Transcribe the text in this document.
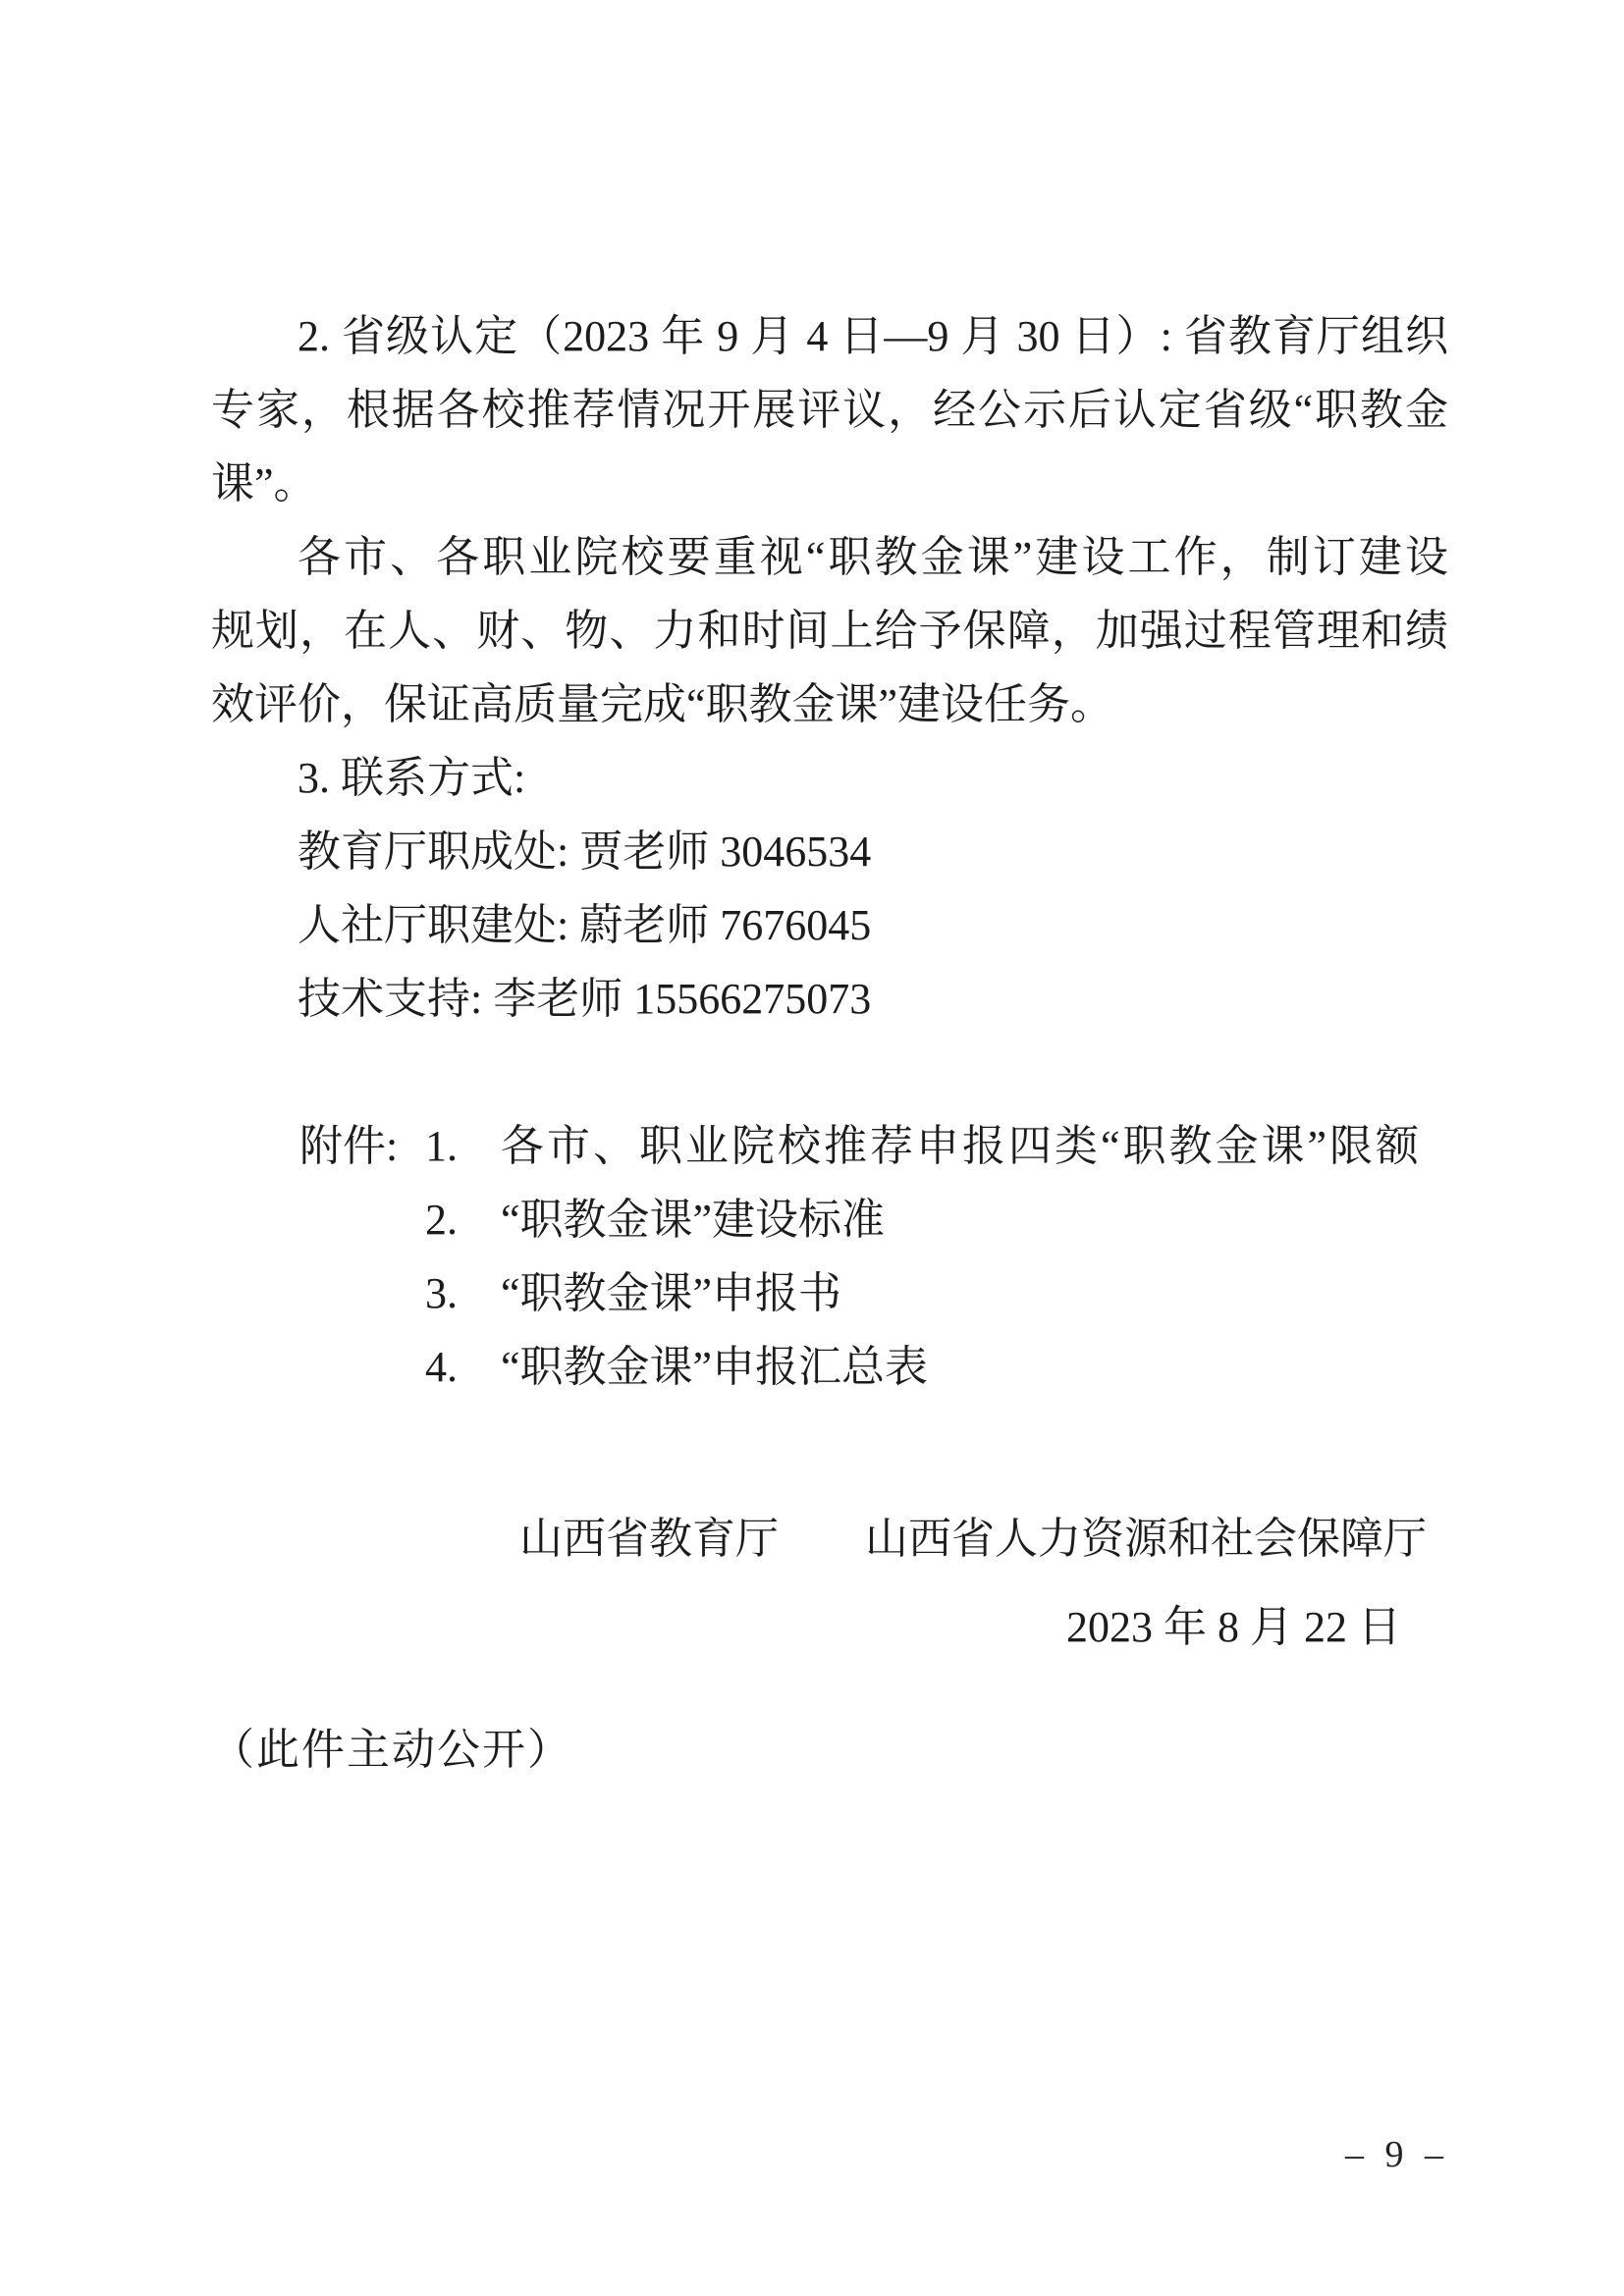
2. 省级认定（2023 年 9 月 4 日—9 月 30 日）: 省教育厅组织
专家，根据各校推荐情况开展评议，经公示后认定省级“职教金
课”。
各市、各职业院校要重视“职教金课”建设工作，制订建设
规划，在人、财、物、力和时间上给予保障，加强过程管理和绩
效评价，保证高质量完成“职教金课”建设任务。
3. 联系方式:
教育厅职成处: 贾老师 3046534
人社厅职建处: 蔚老师 7676045
技术支持: 李老师 15566275073
附件: 1.	各市、职业院校推荐申报四类“职教金课”限额
2.	“职教金课”建设标准
3.	“职教金课”申报书
4.	“职教金课”申报汇总表
山西省教育厅 山西省人力资源和社会保障厅
2023 年 8 月 22 日
（此件主动公开）
– 9 –
